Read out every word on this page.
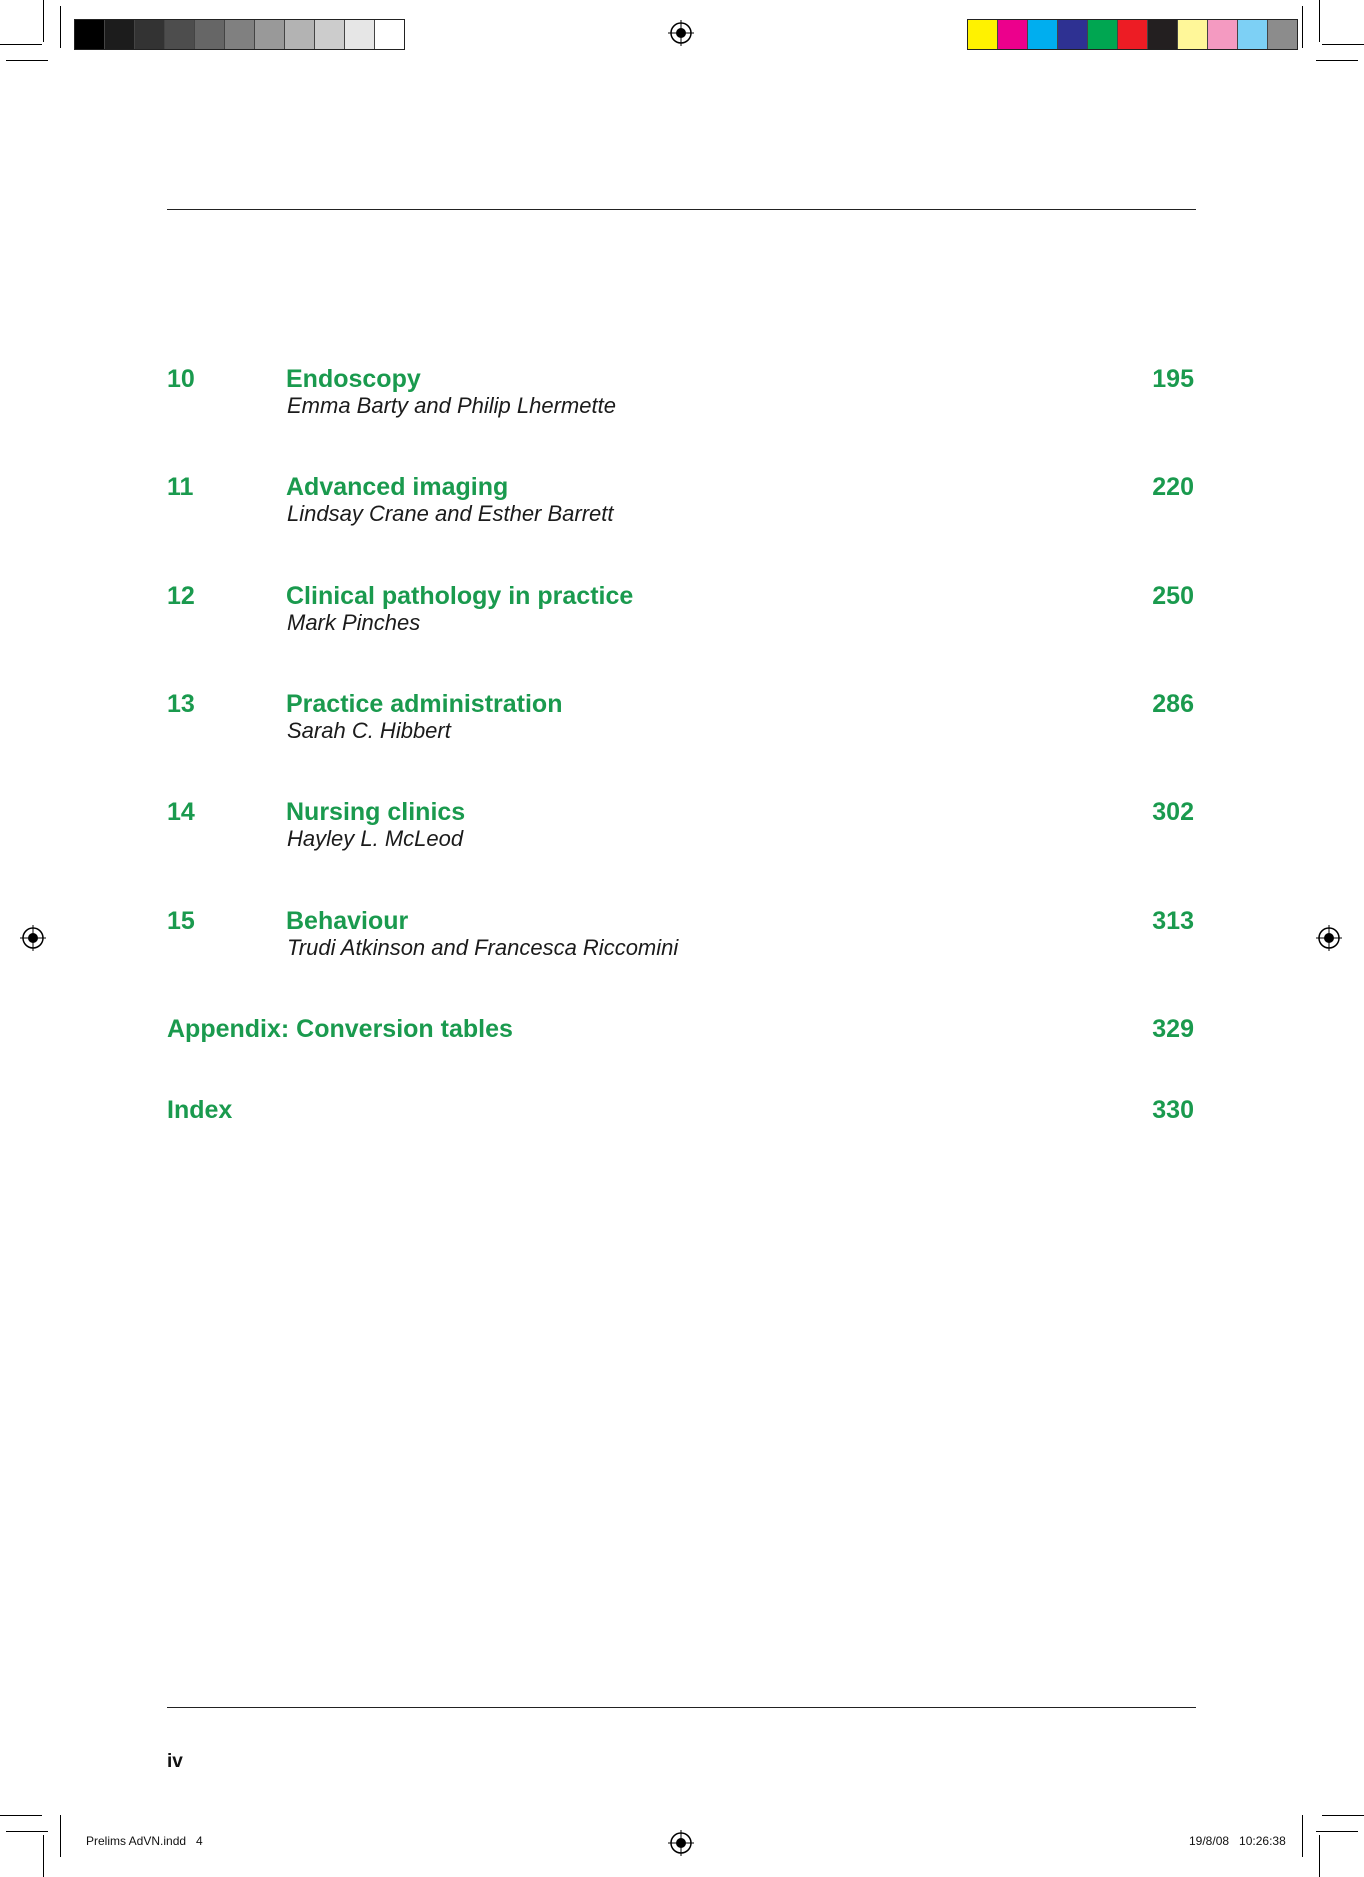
10	Endoscopy
Emma Barty and Philip Lhermette
195
11	Advanced imaging
Lindsay Crane and Esther Barrett
220
12	Clinical pathology in practice
Mark Pinches
250
13	Practice administration
Sarah C. Hibbert
286
14	Nursing clinics
Hayley L. McLeod
302
15	Behaviour
Trudi Atkinson and Francesca Riccomini
313
Appendix: Conversion tables	329
Index	330
iv
Prelims AdVN.indd   4	19/8/08   10:26:38
